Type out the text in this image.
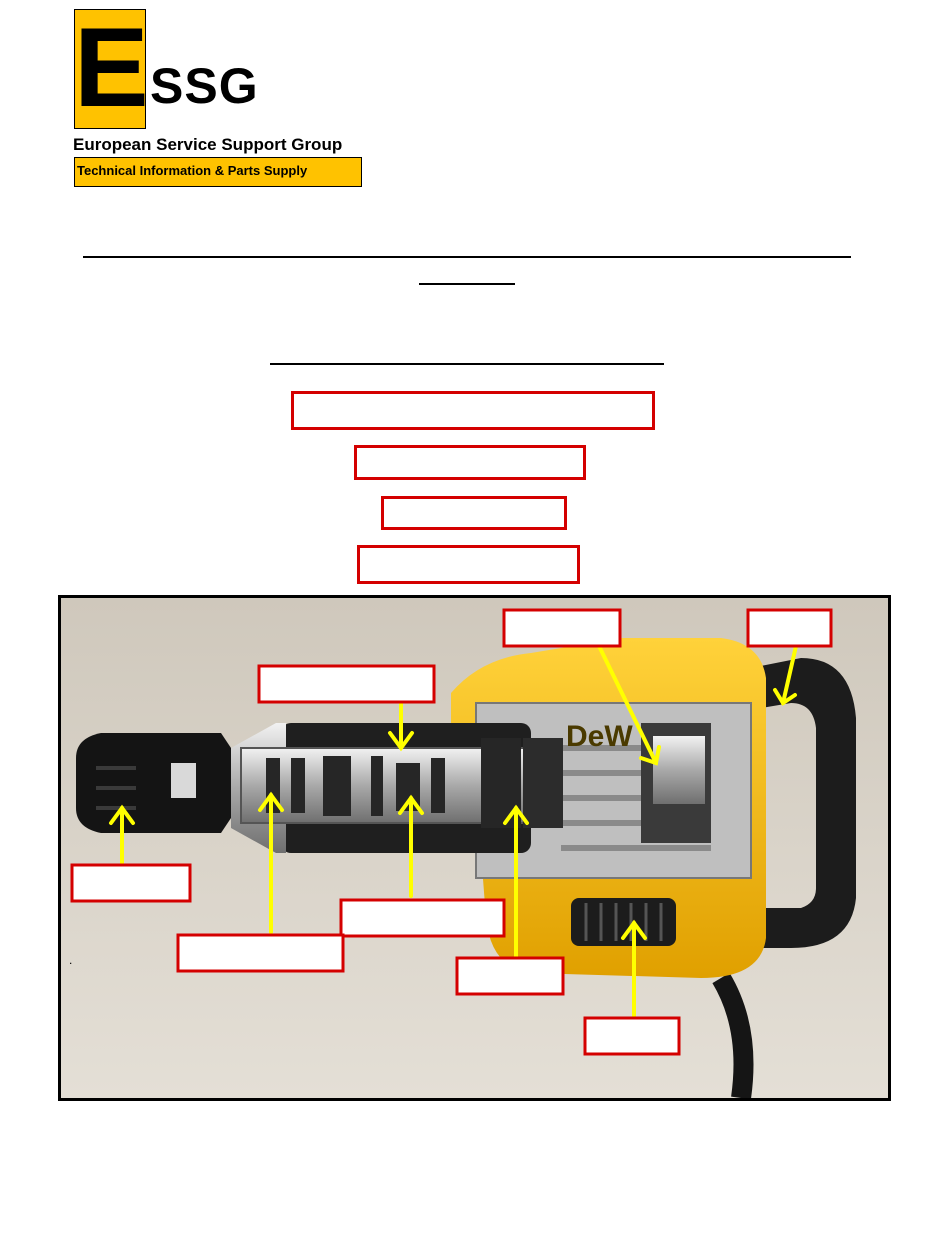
E SSG
European Service Support Group
Technical Information & Parts Supply
DeW
.
